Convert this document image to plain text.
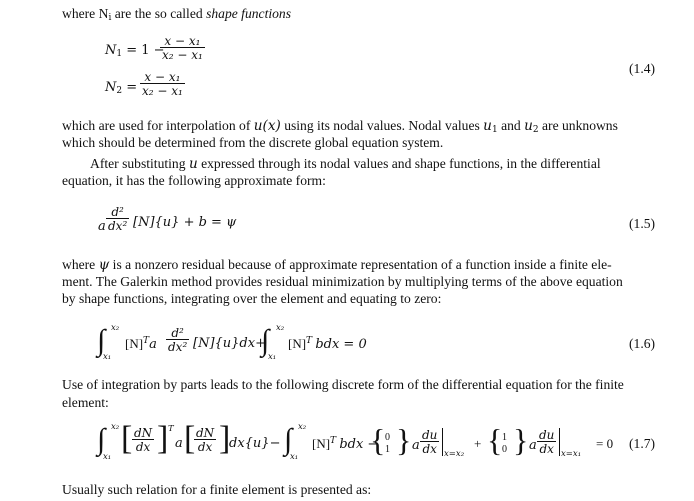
where $N_i$ are the so called shape functions
$N_1 = 1$ −
$\frac{\text{x − x₁}}{\text{x₂ − x₁}}$
$N_2 = \frac{\text{x − x₁}}{\text{x₂ − x₁}}$
(1.4)
which are used for interpolation of u(x) using its nodal values. Nodal values $u_1$ and $u_2$ are unknowns
which should be determined from the discrete global equation system.
After substituting u expressed through its nodal values and shape functions, in the differential
equation, it has the following approximate form:
a $\frac{\text{d²}}{\text{dx²}} [N]\{u\} + b = \psi$	(1.5)
where ψ is a nonzero residual because of approximate representation of a function inside a finite ele-
ment. The Galerkin method provides residual minimization by multiplying terms of the above equation
by shape functions, integrating over the element and equating to zero:
∫ x₂
x₁
$[N]^Ta \frac{\text{d²}}{\text{dx²}} [N]\{u\}dx+$
∫ x₂
x₁
$[N]^T$ bdx = 0	(1.6)
Use of integration by parts leads to the following discrete form of the differential equation for the finite
element:
∫ x₂
x₁ [ $\frac{dN}{dx}$ ] T
a [
$\frac{dN}{dx}$ ]
dx{u}− ∫ x₂
x₁
$[N]^T$ bdx −
{ 0
1 } a $\frac{du}{dx} x=x_2$
+ { 1
0 } a $\frac{du}{dx} x=x_1$
= 0 (1.7)
Usually such relation for a finite element is presented as:
